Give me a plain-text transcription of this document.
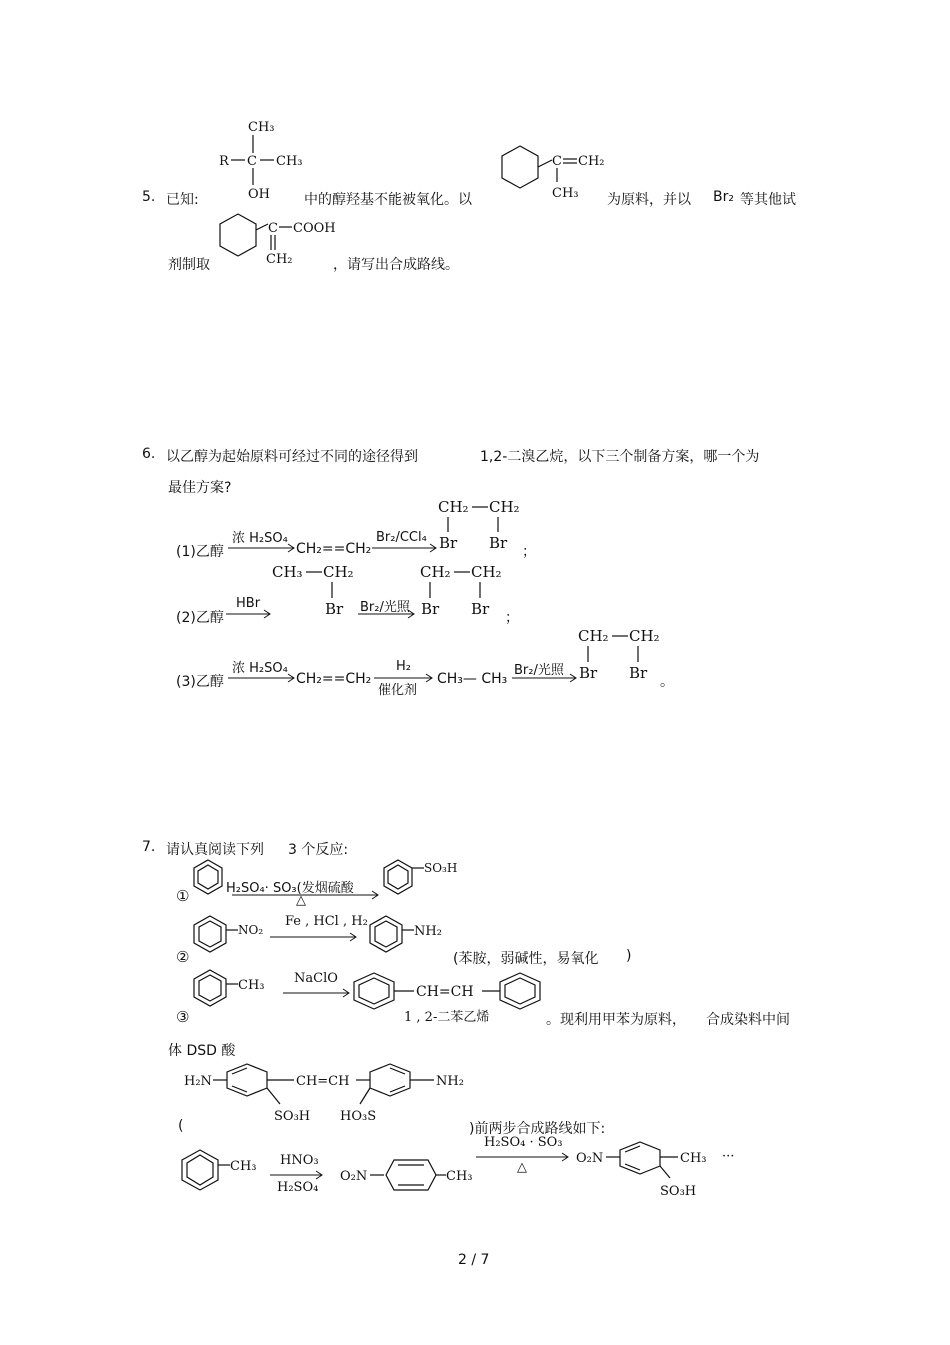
CH₃
R C CH₃
OH
5. 已知:	中的醇羟基不能被氧化。以
C CH₂
CH₃ 为原料，并以 Br₂ 等其他试
剂制取
C COOH
CH₂	，请写出合成路线。
6. 以乙醇为起始原料可经过不同的途径得到	1,2-二溴乙烷，以下三个制备方案，哪一个为
最佳方案?
(1)乙醇
浓 H₂SO₄
CH₂==CH₂
Br₂/CCl₄
CH₂ CH₂
Br Br ；
CH₃ CH₂
Br
(2)乙醇
HBr	Br₂/光照
CH₂ CH₂
Br Br ；
(3)乙醇
浓 H₂SO₄
CH₂==CH₂
H₂
催化剂
CH₃— CH₃
Br₂/光照
CH₂ CH₂
Br Br 。
7. 请认真阅读下列 3 个反应:
①	H₂SO₄· SO₃(发烟硫酸
△
SO₃H
②
NO₂
Fe , HCl , H₂
NH₂
(苯胺，弱碱性，易氧化 )
③
CH₃ NaClO
CH=CH
1 , 2-二苯乙烯	。现利用甲苯为原料， 合成染料中间
体 DSD 酸
H₂N	CH=CH	NH₂
SO₃H HO₃S
(	)前两步合成路线如下:
CH₃ HNO₃
H₂SO₄
O₂N	CH₃
H₂SO₄ · SO₃
△
O₂N	CH₃ ···
SO₃H
2 / 7
